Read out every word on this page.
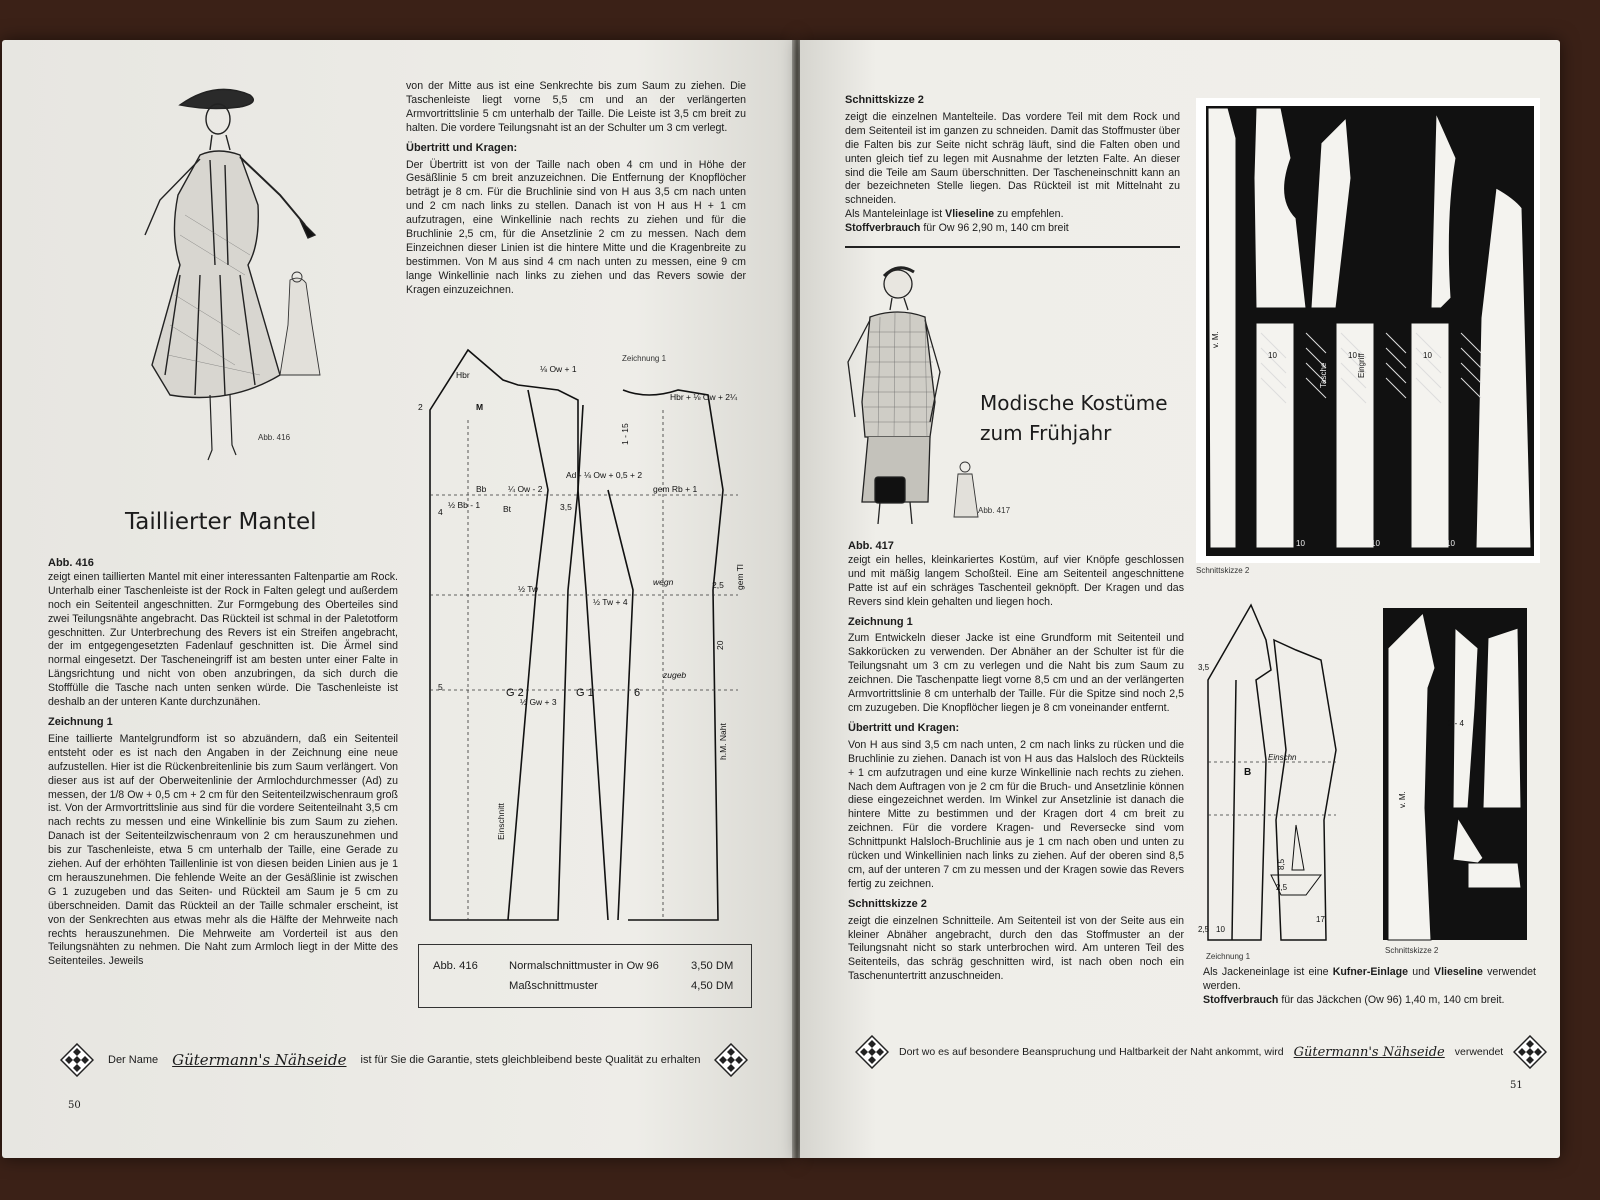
Abb. 416
Taillierter Mantel
Abb. 416

zeigt einen taillierten Mantel mit einer interessanten Faltenpartie am Rock. Unterhalb einer Taschenleiste ist der Rock in Falten gelegt und außerdem noch ein Seitenteil angeschnitten. Zur Formgebung des Oberteiles sind zwei Teilungsnähte angebracht. Das Rückteil ist schmal in der Paletotform geschnitten. Zur Unterbrechung des Revers ist ein Streifen angebracht, der im entgegengesetzten Fadenlauf geschnitten ist. Die Ärmel sind normal eingesetzt. Der Tascheneingriff ist am besten unter einer Falte in Längsrichtung und nicht von oben anzubringen, da sich durch die Stofffülle die Tasche nach unten senken würde. Die Taschenleiste ist deshalb an der unteren Kante durchzunähen.

Zeichnung 1

Eine taillierte Mantelgrundform ist so abzuändern, daß ein Seitenteil entsteht oder es ist nach den Angaben in der Zeichnung eine neue aufzustellen. Hier ist die Rückenbreitenlinie bis zum Saum verlängert. Von dieser aus ist auf der Oberweitenlinie der Armlochdurchmesser (Ad) zu messen, der 1/8 Ow + 0,5 cm + 2 cm für den Seitenteilzwischenraum groß ist. Von der Armvortrittslinie aus sind für die vordere Seitenteilnaht 3,5 cm nach rechts zu messen und eine Winkellinie bis zum Saum zu ziehen. Danach ist der Seitenteilzwischenraum von 2 cm herauszunehmen und bis zur Taschenleiste, etwa 5 cm unterhalb der Taille, eine Gerade zu ziehen. Auf der erhöhten Taillenlinie ist von diesen beiden Linien aus je 1 cm herauszunehmen. Die fehlende Weite an der Gesäßlinie ist zwischen G 1 zuzugeben und das Seiten- und Rückteil am Saum je 5 cm zu überschneiden. Damit das Rückteil an der Taille schmaler erscheint, ist von der Senkrechten aus etwas mehr als die Hälfte der Mehrweite nach rechts herauszunehmen. Die Mehrweite am Vorderteil ist aus den Teilungsnähten zu nehmen. Die Naht zum Armloch liegt in der Mitte des Seitenteiles. Jeweils

von der Mitte aus ist eine Senkrechte bis zum Saum zu ziehen. Die Taschenleiste liegt vorne 5,5 cm und an der verlängerten Armvortrittslinie 5 cm unterhalb der Taille. Die Leiste ist 3,5 cm breit zu halten. Die vordere Teilungsnaht ist an der Schulter um 3 cm verlegt.

Übertritt und Kragen:

Der Übertritt ist von der Taille nach oben 4 cm und in Höhe der Gesäßlinie 5 cm breit anzuzeichnen. Die Entfernung der Knopflöcher beträgt je 8 cm. Für die Bruchlinie sind von H aus 3,5 cm nach unten und 2 cm nach links zu stellen. Danach ist von H aus H + 1 cm aufzutragen, eine Winkellinie nach rechts zu ziehen und für die Bruchlinie 2,5 cm, für die Ansetzlinie 2 cm zu messen. Nach dem Einzeichnen dieser Linien ist die hintere Mitte und die Kragenbreite zu bestimmen. Von M aus sind 4 cm nach unten zu messen, eine 9 cm lange Winkellinie nach links zu ziehen und das Revers sowie der Kragen einzuzeichnen.

Hbr
M
Bb
½ Bb - 1	Bt
¼ Ow - 2
Ad - ⅛ Ow + 0,5 + 2
gem Rb + 1
½ Tw
½ Tw + 4
wegn
zugeb
½ Gw + 3
G 2	G 1	6
Einschnitt
h.M. Naht
gem Tl
Hbr + ⅛ Ow + 2¼
⅛ Ow + 1
2
4
5
2,5
20
3,5
1 - 15
Zeichnung 1
Abb. 416	Normalschnittmuster in Ow 96	3,50 DM
Maßschnittmuster	4,50 DM
Der Name Gütermann's Nähseide ist für Sie die Garantie, stets gleichbleibend beste Qualität zu erhalten
50
Schnittskizze 2

zeigt die einzelnen Mantelteile. Das vordere Teil mit dem Rock und dem Seitenteil ist im ganzen zu schneiden. Damit das Stoffmuster über die Falten bis zur Seite nicht schräg läuft, sind die Falten oben und unten gleich tief zu legen mit Ausnahme der letzten Falte. An dieser sind die Teile am Saum überschnitten. Der Tascheneinschnitt kann an der bezeichneten Stelle liegen. Das Rückteil ist mit Mittelnaht zu schneiden.

Als Manteleinlage ist Vlieseline zu empfehlen.

Stoffverbrauch für Ow 96 2,90 m, 140 cm breit

Abb. 417
Modische Kostüme
zum Frühjahr
Abb. 417

zeigt ein helles, kleinkariertes Kostüm, auf vier Knöpfe geschlossen und mit mäßig langem Schoßteil. Eine am Seitenteil angeschnittene Patte ist auf ein schräges Taschenteil geknöpft. Der Kragen und das Revers sind klein gehalten und liegen hoch.

Zeichnung 1

Zum Entwickeln dieser Jacke ist eine Grundform mit Seitenteil und Sakkorücken zu verwenden. Der Abnäher an der Schulter ist für die Teilungsnaht um 3 cm zu verlegen und die Naht bis zum Saum zu zeichnen. Die Taschenpatte liegt vorne 8,5 cm und an der verlängerten Armvortrittslinie 8 cm unterhalb der Taille. Für die Spitze sind noch 2,5 cm zuzugeben. Die Knopflöcher liegen je 8 cm voneinander entfernt.

Übertritt und Kragen:

Von H aus sind 3,5 cm nach unten, 2 cm nach links zu rücken und die Bruchlinie zu ziehen. Danach ist von H aus das Halsloch des Rückteils + 1 cm aufzutragen und eine kurze Winkellinie nach rechts zu ziehen. Nach dem Auftragen von je 2 cm für die Bruch- und Ansetzlinie können diese eingezeichnet werden. Im Winkel zur Ansetzlinie ist danach die hintere Mitte zu bestimmen und der Kragen dort 4 cm breit zu zeichnen. Für die vordere Kragen- und Reversecke sind vom Schnittpunkt Halsloch-Bruchlinie aus je 1 cm nach oben und unten zu rücken und Winkellinien nach links zu ziehen. Auf der oberen sind 8,5 cm, auf der unteren 7 cm zu messen und der Kragen sowie das Revers fertig zu zeichnen.

Schnittskizze 2

zeigt die einzelnen Schnitteile. Am Seitenteil ist von der Seite aus ein kleiner Abnäher angebracht, durch den das Stoffmuster an der Teilungsnaht nicht so stark unterbrochen wird. Am unteren Teil des Seitenteils, das schräg geschnitten wird, ist nach oben noch ein Taschenuntertritt anzuschneiden.

v. M.
10	10	10
Eingriff
Tasche
10	10	10
Schnittskizze 2
Einschn
B
3,5
2,5
8,5
17
2,5
10
Zeichnung 1
v. M.
3 - 4
Schnittskizze 2

Als Jackeneinlage ist eine Kufner-Einlage und Vlieseline verwendet werden.

Stoffverbrauch für das Jäckchen (Ow 96) 1,40 m, 140 cm breit.

Dort wo es auf besondere Beanspruchung und Haltbarkeit der Naht ankommt, wird Gütermann's Nähseide verwendet
51
